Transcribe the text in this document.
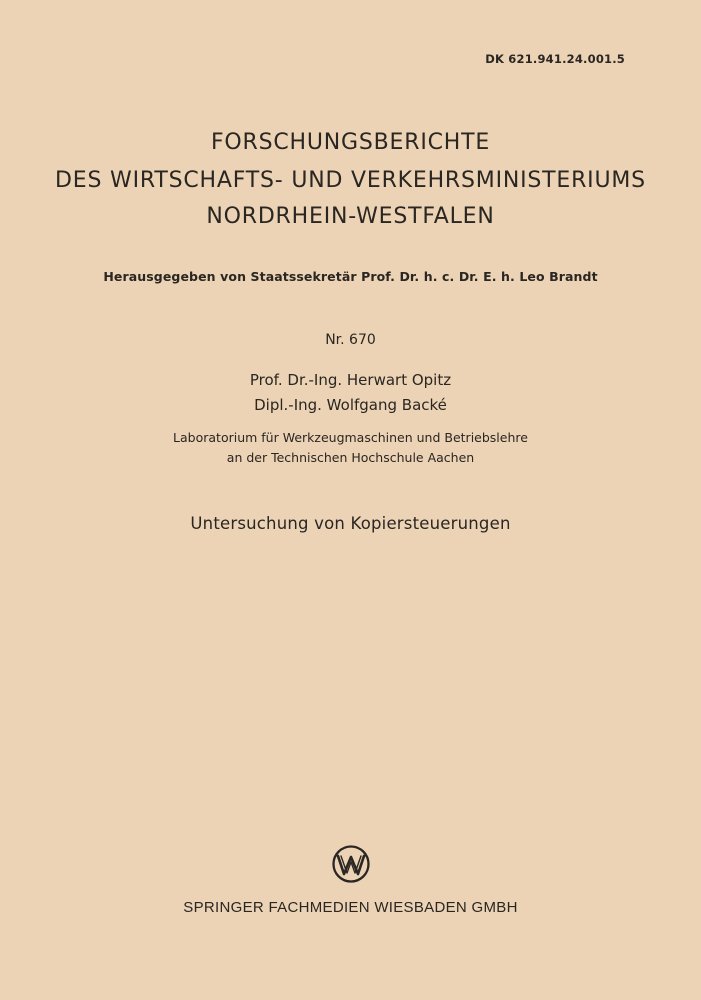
DK 621.941.24.001.5
FORSCHUNGSBERICHTE
DES WIRTSCHAFTS- UND VERKEHRSMINISTERIUMS
NORDRHEIN-WESTFALEN
Herausgegeben von Staatssekretär Prof. Dr. h. c. Dr. E. h. Leo Brandt
Nr. 670
Prof. Dr.-Ing. Herwart Opitz
Dipl.-Ing. Wolfgang Backé
Laboratorium für Werkzeugmaschinen und Betriebslehre
an der Technischen Hochschule Aachen
Untersuchung von Kopiersteuerungen
SPRINGER FACHMEDIEN WIESBADEN GMBH
